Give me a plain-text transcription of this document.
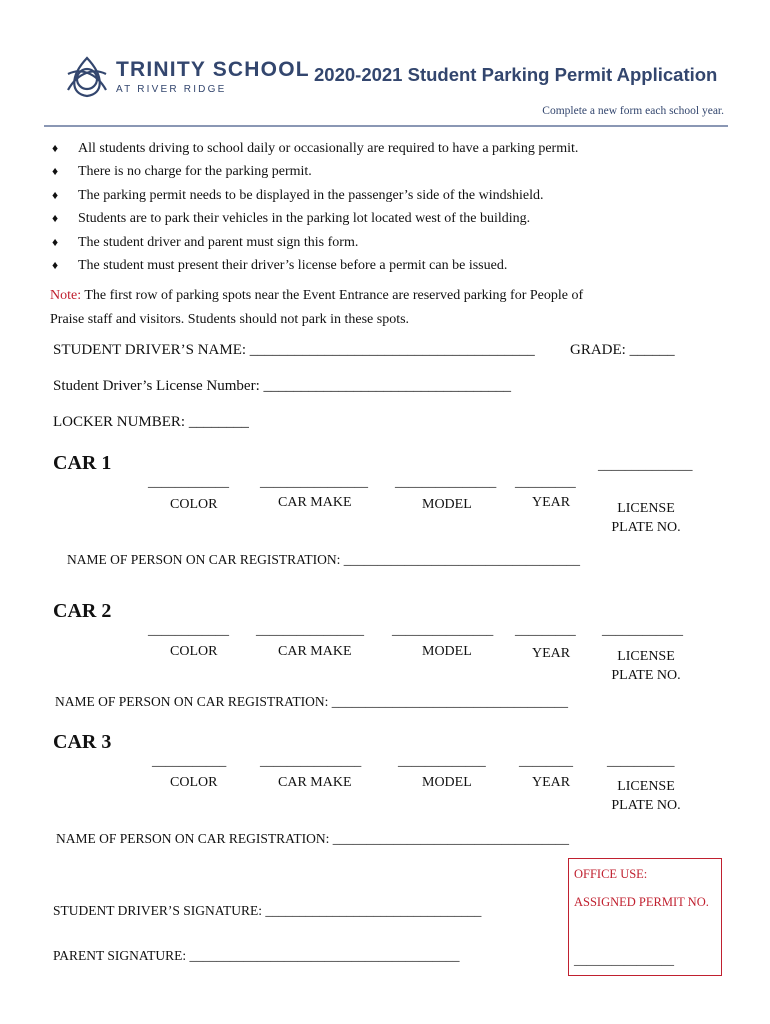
TRINITY SCHOOL
AT RIVER RIDGE
2020-2021 Student Parking Permit Application
Complete a new form each school year.
♦ All students driving to school daily or occasionally are required to have a parking permit.
♦ There is no charge for the parking permit.
♦ The parking permit needs to be displayed in the passenger’s side of the windshield.
♦ Students are to park their vehicles in the parking lot located west of the building.
♦ The student driver and parent must sign this form.
♦ The student must present their driver’s license before a permit can be issued.
Note: The first row of parking spots near the Event Entrance are reserved parking for People of
Praise staff and visitors. Students should not park in these spots.
STUDENT DRIVER’S NAME: ______________________________________ GRADE: ______
Student Driver’s License Number: _________________________________
LOCKER NUMBER: ________
CAR 1
____________ ________________ _______________ _________
______________
COLOR	CAR MAKE	MODEL	YEAR	LICENSE PLATE NO.
NAME OF PERSON ON CAR REGISTRATION: ___________________________________
CAR 2
____________ ________________ _______________ _________ ____________
COLOR	CAR MAKE	MODEL	YEAR	LICENSE PLATE NO.
NAME OF PERSON ON CAR REGISTRATION: ___________________________________
CAR 3
___________	_______________	_____________ ________	__________
COLOR	CAR MAKE	MODEL	YEAR	LICENSE PLATE NO.
NAME OF PERSON ON CAR REGISTRATION: ___________________________________
STUDENT DRIVER’S SIGNATURE: ________________________________
PARENT SIGNATURE: ________________________________________
OFFICE USE:
ASSIGNED PERMIT NO.
________________
